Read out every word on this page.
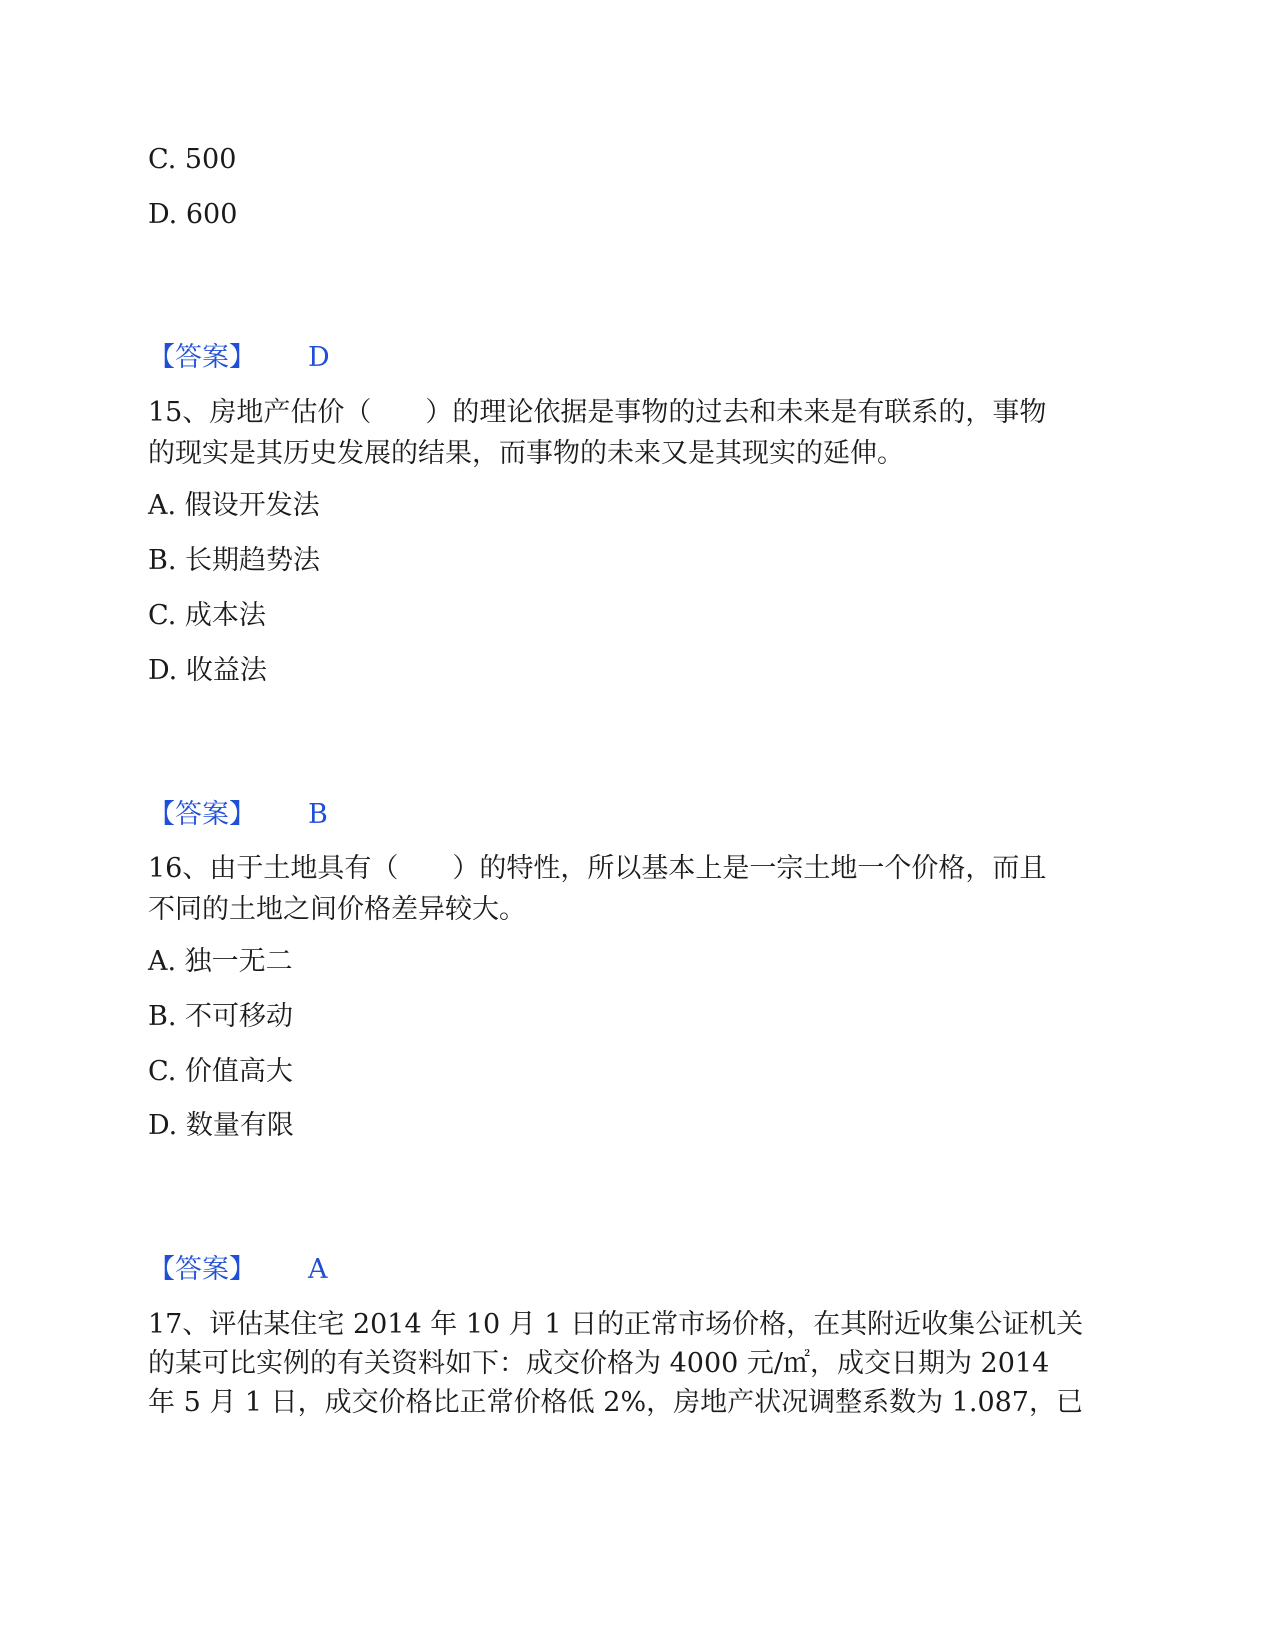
C. 500
D. 600
【答案】 D
15、房地产估价（　　）的理论依据是事物的过去和未来是有联系的，事物
的现实是其历史发展的结果，而事物的未来又是其现实的延伸。
A. 假设开发法
B. 长期趋势法
C. 成本法
D. 收益法
【答案】 B
16、由于土地具有（　　）的特性，所以基本上是一宗土地一个价格，而且
不同的土地之间价格差异较大。
A. 独一无二
B. 不可移动
C. 价值高大
D. 数量有限
【答案】 A
17、评估某住宅 2014 年 10 月 1 日的正常市场价格，在其附近收集公证机关
的某可比实例的有关资料如下：成交价格为 4000 元/㎡，成交日期为 2014
年 5 月 1 日，成交价格比正常价格低 2%，房地产状况调整系数为 1.087，已
